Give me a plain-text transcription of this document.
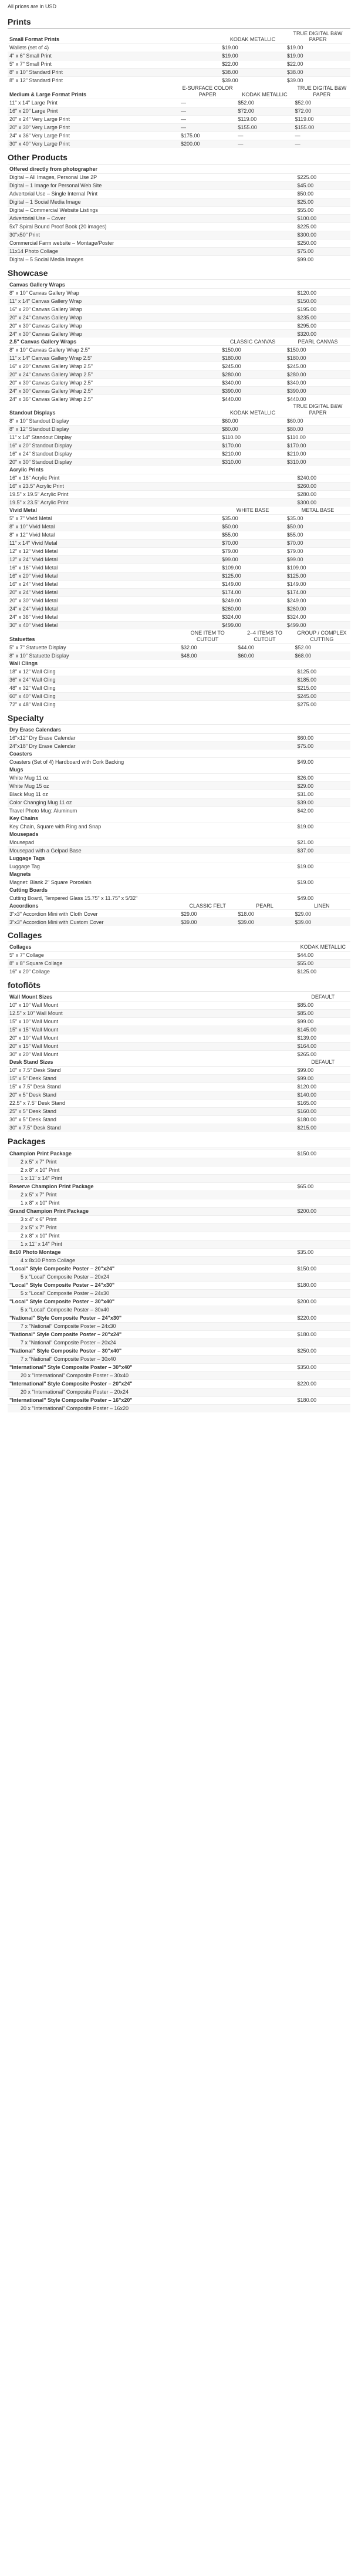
All prices are in USD
Prints
Small Format Prints	KODAK METALLIC	TRUE DIGITAL B&W PAPER
Wallets (set of 4)	$19.00	$19.00
4" x 6" Small Print	$19.00	$19.00
5" x 7" Small Print	$22.00	$22.00
8" x 10" Standard Print	$38.00	$38.00
8" x 12" Standard Print	$39.00	$39.00
Medium & Large Format Prints	E-SURFACE COLOR PAPER	KODAK METALLIC	TRUE DIGITAL B&W PAPER
11" x 14" Large Print	—	$52.00	$52.00
16" x 20" Large Print	—	$72.00	$72.00
20" x 24" Very Large Print	—	$119.00	$119.00
20" x 30" Very Large Print	—	$155.00	$155.00
24" x 36" Very Large Print	$175.00	—	—
30" x 40" Very Large Print	$200.00	—	—
Other Products
Offered directly from photographer	
Digital – All Images, Personal Use 2P	$225.00
Digital – 1 Image for Personal Web Site	$45.00
Advertorial Use – Single Internal Print	$50.00
Digital – 1 Social Media Image	$25.00
Digital – Commercial Website Listings	$55.00
Advertorial Use – Cover	$100.00
5x7 Spiral Bound Proof Book (20 images)	$225.00
30"x50" Print	$300.00
Commercial Farm website – Montage/Poster	$250.00
11x14 Photo Collage	$75.00
Digital – 5 Social Media Images	$99.00
Showcase
Canvas Gallery Wraps	
8" x 10" Canvas Gallery Wrap	$120.00
11" x 14" Canvas Gallery Wrap	$150.00
16" x 20" Canvas Gallery Wrap	$195.00
20" x 24" Canvas Gallery Wrap	$235.00
20" x 30" Canvas Gallery Wrap	$295.00
24" x 30" Canvas Gallery Wrap	$320.00
2.5" Canvas Gallery Wraps	CLASSIC CANVAS	PEARL CANVAS
8" x 10" Canvas Gallery Wrap 2.5"	$150.00	$150.00
11" x 14" Canvas Gallery Wrap 2.5"	$180.00	$180.00
16" x 20" Canvas Gallery Wrap 2.5"	$245.00	$245.00
20" x 24" Canvas Gallery Wrap 2.5"	$280.00	$280.00
20" x 30" Canvas Gallery Wrap 2.5"	$340.00	$340.00
24" x 30" Canvas Gallery Wrap 2.5"	$390.00	$390.00
24" x 36" Canvas Gallery Wrap 2.5"	$440.00	$440.00
Standout Displays	KODAK METALLIC	TRUE DIGITAL B&W PAPER
8" x 10" Standout Display	$60.00	$60.00
8" x 12" Standout Display	$80.00	$80.00
11" x 14" Standout Display	$110.00	$110.00
16" x 20" Standout Display	$170.00	$170.00
16" x 24" Standout Display	$210.00	$210.00
20" x 30" Standout Display	$310.00	$310.00
Acrylic Prints	
16" x 16" Acrylic Print	$240.00
16" x 23.5" Acrylic Print	$260.00
19.5" x 19.5" Acrylic Print	$280.00
19.5" x 23.5" Acrylic Print	$300.00
Vivid Metal	WHITE BASE	METAL BASE
5" x 7" Vivid Metal	$35.00	$35.00
8" x 10" Vivid Metal	$50.00	$50.00
8" x 12" Vivid Metal	$55.00	$55.00
11" x 14" Vivid Metal	$70.00	$70.00
12" x 12" Vivid Metal	$79.00	$79.00
12" x 24" Vivid Metal	$99.00	$99.00
16" x 16" Vivid Metal	$109.00	$109.00
16" x 20" Vivid Metal	$125.00	$125.00
16" x 24" Vivid Metal	$149.00	$149.00
20" x 24" Vivid Metal	$174.00	$174.00
20" x 30" Vivid Metal	$249.00	$249.00
24" x 24" Vivid Metal	$260.00	$260.00
24" x 36" Vivid Metal	$324.00	$324.00
30" x 40" Vivid Metal	$499.00	$499.00
Statuettes	ONE ITEM TO CUTOUT	2–4 ITEMS TO CUTOUT	GROUP / COMPLEX CUTTING
5" x 7" Statuette Display	$32.00	$44.00	$52.00
8" x 10" Statuette Display	$48.00	$60.00	$68.00
Wall Clings	
18" x 12" Wall Cling	$125.00
36" x 24" Wall Cling	$185.00
48" x 32" Wall Cling	$215.00
60" x 40" Wall Cling	$245.00
72" x 48" Wall Cling	$275.00
Specialty
Dry Erase Calendars	
16"x12" Dry Erase Calendar	$60.00
24"x18" Dry Erase Calendar	$75.00
Coasters	
Coasters (Set of 4) Hardboard with Cork Backing	$49.00
Mugs	
White Mug 11 oz	$26.00
White Mug 15 oz	$29.00
Black Mug 11 oz	$31.00
Color Changing Mug 11 oz	$39.00
Travel Photo Mug: Aluminum	$42.00
Key Chains	
Key Chain, Square with Ring and Snap	$19.00
Mousepads	
Mousepad	$21.00
Mousepad with a Gelpad Base	$37.00
Luggage Tags	
Luggage Tag	$19.00
Magnets	
Magnet: Blank 2" Square Porcelain	$19.00
Cutting Boards	
Cutting Board, Tempered Glass 15.75" x 11.75" x 5/32"	$49.00
Accordions	CLASSIC FELT	PEARL	LINEN
3"x3" Accordion Mini with Cloth Cover	$29.00	$18.00	$29.00
3"x3" Accordion Mini with Custom Cover	$39.00	$39.00	$39.00
Collages
Collages	KODAK METALLIC
5" x 7" Collage	$44.00
8" x 8" Square Collage	$55.00
16" x 20" Collage	$125.00
fotoflōts
Wall Mount Sizes	DEFAULT
10" x 10" Wall Mount	$85.00
12.5" x 10" Wall Mount	$85.00
15" x 10" Wall Mount	$99.00
15" x 15" Wall Mount	$145.00
20" x 10" Wall Mount	$139.00
20" x 15" Wall Mount	$164.00
30" x 20" Wall Mount	$265.00
Desk Stand Sizes	DEFAULT
10" x 7.5" Desk Stand	$99.00
15" x 5" Desk Stand	$99.00
15" x 7.5" Desk Stand	$120.00
20" x 5" Desk Stand	$140.00
22.5" x 7.5" Desk Stand	$165.00
25" x 5" Desk Stand	$160.00
30" x 5" Desk Stand	$180.00
30" x 7.5" Desk Stand	$215.00
Packages
Champion Print Package	$150.00
2 x 5" x 7" Print	
2 x 8" x 10" Print	
1 x 11" x 14" Print	
Reserve Champion Print Package	$65.00
2 x 5" x 7" Print	
1 x 8" x 10" Print	
Grand Champion Print Package	$200.00
3 x 4" x 6" Print	
2 x 5" x 7" Print	
2 x 8" x 10" Print	
1 x 11" x 14" Print	
8x10 Photo Montage	$35.00
4 x 8x10 Photo Collage	
"Local" Style Composite Poster – 20"x24"	$150.00
5 x "Local" Composite Poster – 20x24	
"Local" Style Composite Poster – 24"x30"	$180.00
5 x "Local" Composite Poster – 24x30	
"Local" Style Composite Poster – 30"x40"	$200.00
5 x "Local" Composite Poster – 30x40	
"National" Style Composite Poster – 24"x30"	$220.00
7 x "National" Composite Poster – 24x30	
"National" Style Composite Poster – 20"x24"	$180.00
7 x "National" Composite Poster – 20x24	
"National" Style Composite Poster – 30"x40"	$250.00
7 x "National" Composite Poster – 30x40	
"International" Style Composite Poster – 30"x40"	$350.00
20 x "International" Composite Poster – 30x40	
"International" Style Composite Poster – 20"x24"	$220.00
20 x "International" Composite Poster – 20x24	
"International" Style Composite Poster – 16"x20"	$180.00
20 x "International" Composite Poster – 16x20	
